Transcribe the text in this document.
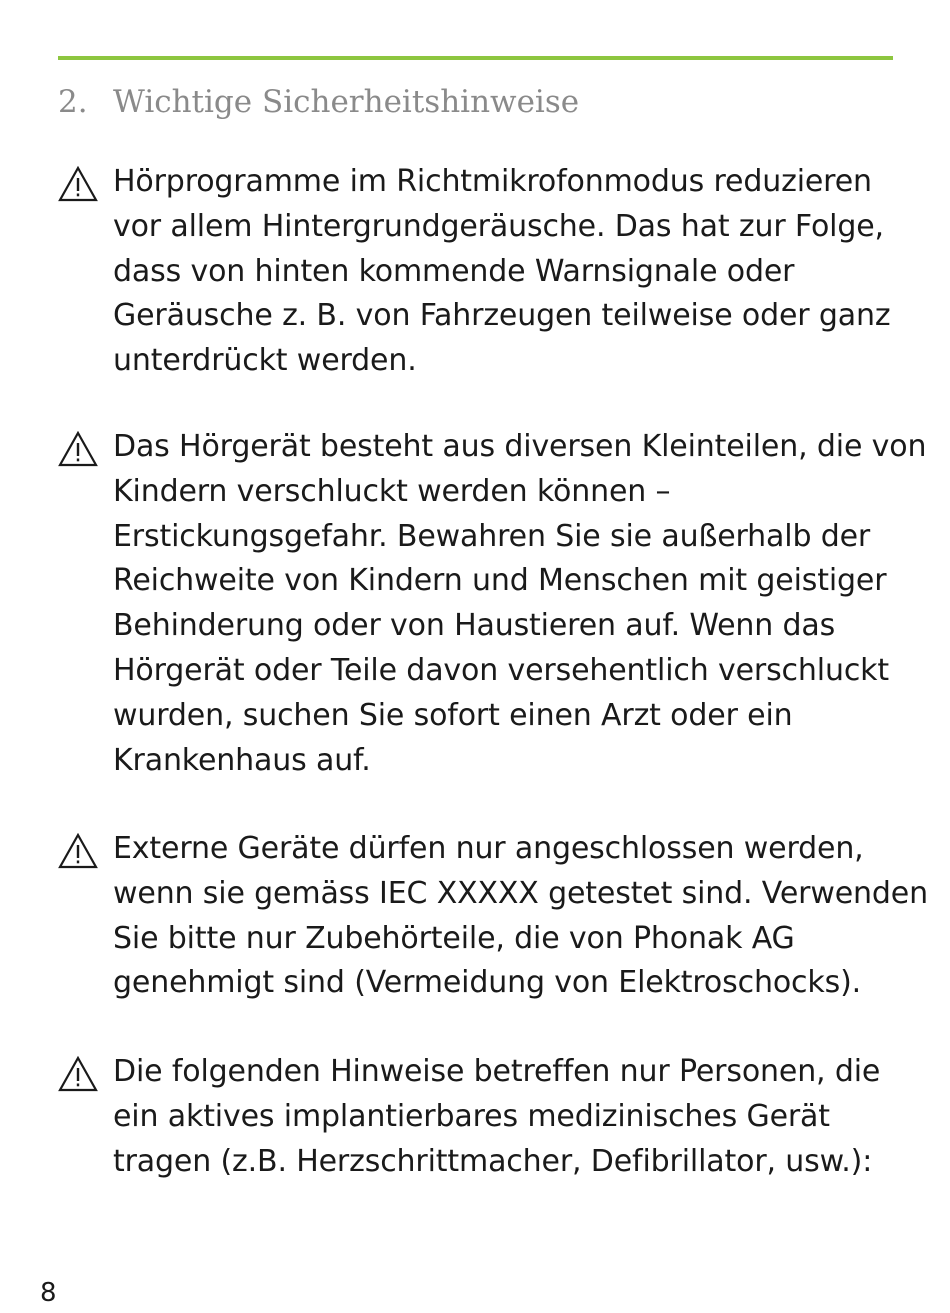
2. Wichtige Sicherheitshinweise
Hörprogramme im Richtmikrofonmodus reduzieren
vor allem Hintergrundgeräusche. Das hat zur Folge,
dass von hinten kommende Warnsignale oder
Geräusche z. B. von Fahrzeugen teilweise oder ganz
unterdrückt werden.
Das Hörgerät besteht aus diversen Kleinteilen, die von
Kindern verschluckt werden können –
Erstickungsgefahr. Bewahren Sie sie außerhalb der
Reichweite von Kindern und Menschen mit geistiger
Behinderung oder von Haustieren auf. Wenn das
Hörgerät oder Teile davon versehentlich verschluckt
wurden, suchen Sie sofort einen Arzt oder ein
Krankenhaus auf.
Externe Geräte dürfen nur angeschlossen werden,
wenn sie gemäss IEC XXXXX getestet sind. Verwenden
Sie bitte nur Zubehörteile, die von Phonak AG
genehmigt sind (Vermeidung von Elektroschocks).
Die folgenden Hinweise betreffen nur Personen, die
ein aktives implantierbares medizinisches Gerät
tragen (z.B. Herzschrittmacher, Defibrillator, usw.):
8
